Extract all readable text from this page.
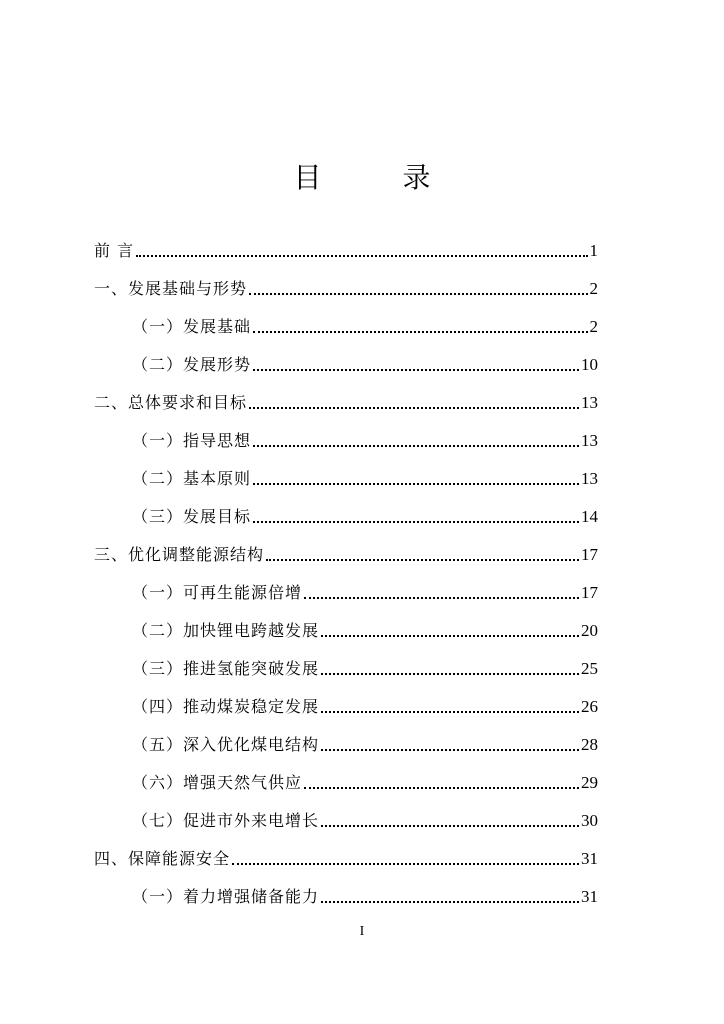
目 录
前 言	1
一、发展基础与形势	2
（一）发展基础	2
（二）发展形势	10
二、总体要求和目标	13
（一）指导思想	13
（二）基本原则	13
（三）发展目标	14
三、优化调整能源结构	17
（一）可再生能源倍增	17
（二）加快锂电跨越发展	20
（三）推进氢能突破发展	25
（四）推动煤炭稳定发展	26
（五）深入优化煤电结构	28
（六）增强天然气供应	29
（七）促进市外来电增长	30
四、保障能源安全	31
（一）着力增强储备能力	31
I
